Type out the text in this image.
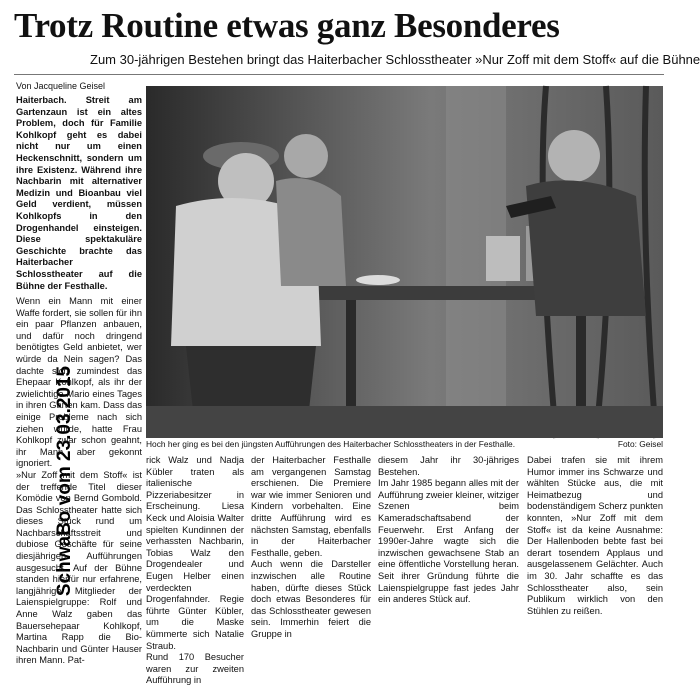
Trotz Routine etwas ganz Besonderes
Zum 30-jährigen Bestehen bringt das Haiterbacher Schlosstheater »Nur Zoff mit dem Stoff« auf die Bühne
Von Jacqueline Geisel
SchwaBo vom 23.03.2015

Haiterbach. Streit am Gartenzaun ist ein altes Problem, doch für Familie Kohlkopf geht es dabei nicht nur um einen Heckenschnitt, sondern um ihre Existenz. Während ihre Nachbarin mit alternativer Medizin und Bioanbau viel Geld verdient, müssen Kohlkopfs in den Drogenhandel einsteigen. Diese spektakuläre Geschichte brachte das Haiterbacher Schlosstheater auf die Bühne der Festhalle.

Wenn ein Mann mit einer Waffe fordert, sie sollen für ihn ein paar Pflanzen anbauen, und dafür noch dringend benötigtes Geld anbietet, wer würde da Nein sagen? Das dachte sich zumindest das Ehepaar Kohlkopf, als ihr der zwielichtige Mario eines Tages in ihren Garten kam. Dass das einige Probleme nach sich ziehen würde, hatte Frau Kohlkopf zwar schon geahnt, ihr Mann aber gekonnt ignoriert.

»Nur Zoff mit dem Stoff« ist der treffende Titel dieser Komödie von Bernd Gombold. Das Schlosstheater hatte sich dieses Stück rund um Nachbarschaftsstreit und dubiose Geschäfte für seine diesjährigen Aufführungen ausgesucht. Auf der Bühne standen hierfür nur erfahrene, langjährige Mitglieder der Laienspielgruppe: Rolf und Anne Walz gaben das Bauersehepaar Kohlkopf, Martina Rapp die Bio-Nachbarin und Günter Hauser ihren Mann. Pat-

Hoch her ging es bei den jüngsten Aufführungen des Haiterbacher Schlosstheaters in der Festhalle.	Foto: Geisel

rick Walz und Nadja Kübler traten als italienische Pizzeriabesitzer in Erscheinung. Liesa Keck und Aloisia Walter spielten Kundinnen der verhassten Nachbarin, Tobias Walz den Drogendealer und Eugen Helber einen verdeckten Drogenfahnder. Regie führte Günter Kübler, um die Maske kümmerte sich Natalie Straub.

Rund 170 Besucher waren zur zweiten Aufführung in

der Haiterbacher Festhalle am vergangenen Samstag erschienen. Die Premiere war wie immer Senioren und Kindern vorbehalten. Eine dritte Aufführung wird es nächsten Samstag, ebenfalls in der Haiterbacher Festhalle, geben.

Auch wenn die Darsteller inzwischen alle Routine haben, dürfte dieses Stück doch etwas Besonderes für das Schlosstheater gewesen sein. Immerhin feiert die Gruppe in

diesem Jahr ihr 30-jähriges Bestehen.

Im Jahr 1985 begann alles mit der Aufführung zweier kleiner, witziger Szenen beim Kameradschaftsabend der Feuerwehr. Erst Anfang der 1990er-Jahre wagte sich die inzwischen gewachsene Stab an eine öffentliche Vorstellung heran. Seit ihrer Gründung führte die Laienspielgruppe fast jedes Jahr ein anderes Stück auf.

Dabei trafen sie mit ihrem Humor immer ins Schwarze und wählten Stücke aus, die mit Heimatbezug und bodenständigem Scherz punkten konnten, »Nur Zoff mit dem Stoff« ist da keine Ausnahme: Der Hallenboden bebte fast bei derart tosendem Applaus und ausgelassenem Gelächter. Auch im 30. Jahr schaffte es das Schlosstheater also, sein Publikum wirklich von den Stühlen zu reißen.
